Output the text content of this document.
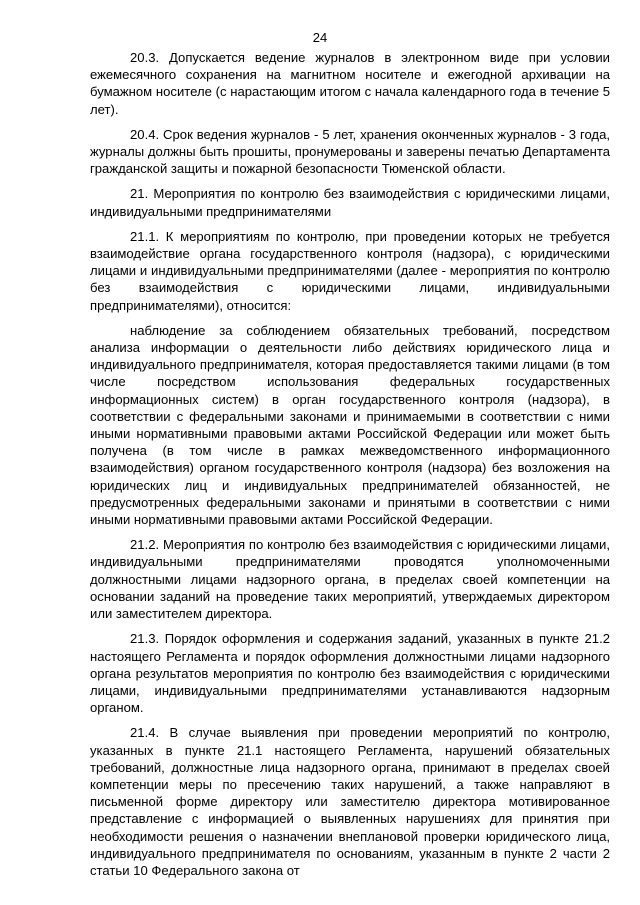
24

20.3. Допускается ведение журналов в электронном виде при условии ежемесячного сохранения на магнитном носителе и ежегодной архивации на бумажном носителе (с нарастающим итогом с начала календарного года в течение 5 лет).

20.4. Срок ведения журналов - 5 лет, хранения оконченных журналов - 3 года, журналы должны быть прошиты, пронумерованы и заверены печатью Департамента гражданской защиты и пожарной безопасности Тюменской области.

21. Мероприятия по контролю без взаимодействия с юридическими лицами, индивидуальными предпринимателями

21.1. К мероприятиям по контролю, при проведении которых не требуется взаимодействие органа государственного контроля (надзора), с юридическими лицами и индивидуальными предпринимателями (далее - мероприятия по контролю без взаимодействия с юридическими лицами, индивидуальными предпринимателями), относится:

наблюдение за соблюдением обязательных требований, посредством анализа информации о деятельности либо действиях юридического лица и индивидуального предпринимателя, которая предоставляется такими лицами (в том числе посредством использования федеральных государственных информационных систем) в орган государственного контроля (надзора), в соответствии с федеральными законами и принимаемыми в соответствии с ними иными нормативными правовыми актами Российской Федерации или может быть получена (в том числе в рамках межведомственного информационного взаимодействия) органом государственного контроля (надзора) без возложения на юридических лиц и индивидуальных предпринимателей обязанностей, не предусмотренных федеральными законами и принятыми в соответствии с ними иными нормативными правовыми актами Российской Федерации.

21.2. Мероприятия по контролю без взаимодействия с юридическими лицами, индивидуальными предпринимателями проводятся уполномоченными должностными лицами надзорного органа, в пределах своей компетенции на основании заданий на проведение таких мероприятий, утверждаемых директором или заместителем директора.

21.3. Порядок оформления и содержания заданий, указанных в пункте 21.2 настоящего Регламента и порядок оформления должностными лицами надзорного органа результатов мероприятия по контролю без взаимодействия с юридическими лицами, индивидуальными предпринимателями устанавливаются надзорным органом.

21.4. В случае выявления при проведении мероприятий по контролю, указанных в пункте 21.1 настоящего Регламента, нарушений обязательных требований, должностные лица надзорного органа, принимают в пределах своей компетенции меры по пресечению таких нарушений, а также направляют в письменной форме директору или заместителю директора мотивированное представление с информацией о выявленных нарушениях для принятия при необходимости решения о назначении внеплановой проверки юридического лица, индивидуального предпринимателя по основаниям, указанным в пункте 2 части 2 статьи 10 Федерального закона от
